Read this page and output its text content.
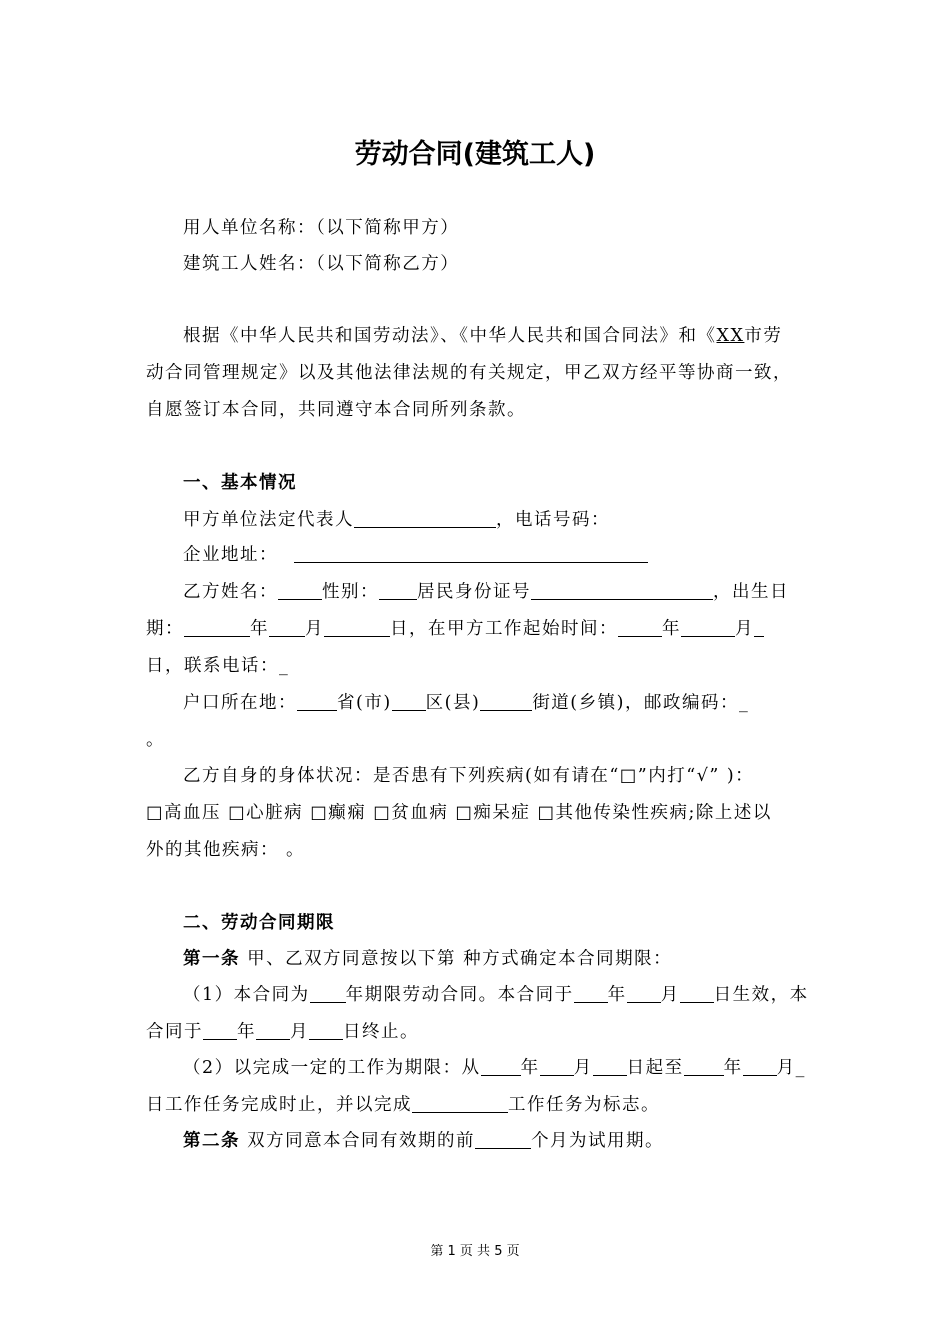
劳动合同(建筑工人)
用人单位名称：（以下简称甲方）
建筑工人姓名：（以下简称乙方）
根据《中华人民共和国劳动法》、《中华人民共和国合同法》和《XX市劳
动合同管理规定》以及其他法律法规的有关规定，甲乙双方经平等协商一致，
自愿签订本合同，共同遵守本合同所列条款。
一、基本情况
甲方单位法定代表人	，电话号码：
企业地址：
乙方姓名：	性别： 居民身份证号	，出生日
期：	年 月	日，在甲方工作起始时间：	年	月
日，联系电话：_
户口所在地： 省(市) 区(县)	街道(乡镇)，邮政编码：_
。
乙方自身的身体状况：是否患有下列疾病(如有请在“□”内打“√” )：
□高血压 □心脏病 □癫痫 □贫血病 □痴呆症 □其他传染性疾病;除上述以
外的其他疾病： 。
二、劳动合同期限
第一条 甲、乙双方同意按以下第 种方式确定本合同期限：
（1）本合同为 年期限劳动合同。本合同于 年 月 日生效，本
合同于 年 月 日终止。
（2）以完成一定的工作为期限：从 年 月 日起至 年 月_
日工作任务完成时止，并以完成	工作任务为标志。
第二条 双方同意本合同有效期的前	个月为试用期。
第 1 页 共 5 页
